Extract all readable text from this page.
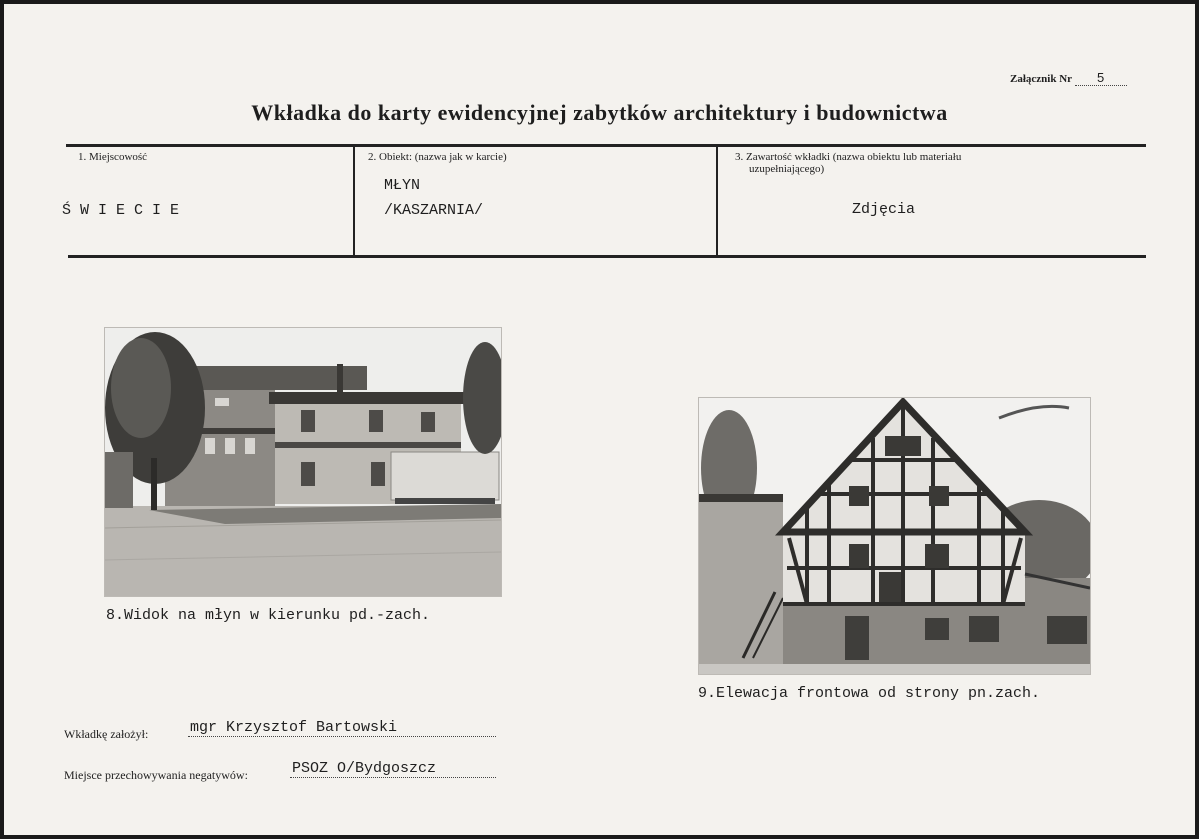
Załącznik Nr 5
Wkładka do karty ewidencyjnej zabytków architektury i budownictwa
1. Miejscowość
Ś W I E C I E
2. Obiekt: (nazwa jak w karcie)
MŁYN
/KASZARNIA/
3. Zawartość wkładki (nazwa obiektu lub materiału
uzupełniającego)
Zdjęcia
8.Widok na młyn w kierunku pd.-zach.
9.Elewacja frontowa od strony pn.zach.
Wkładkę założył:	mgr Krzysztof Bartowski
Miejsce przechowywania negatywów:	PSOZ O/Bydgoszcz
